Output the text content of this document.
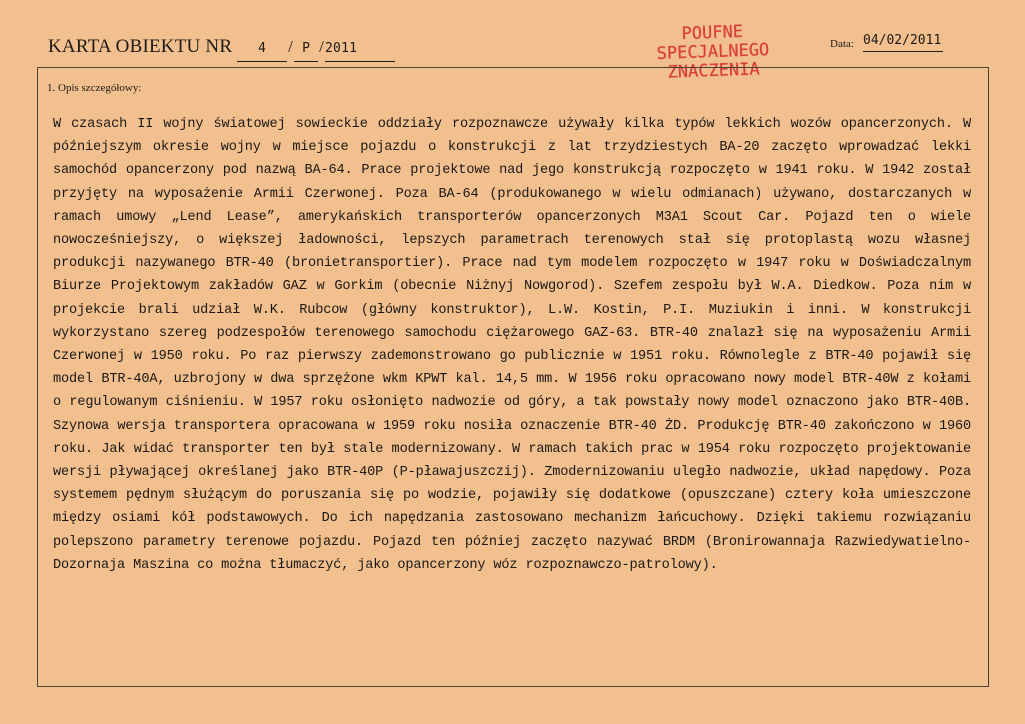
KARTA OBIEKTU NR 4 / P /2011
POUFNE
SPECJALNEGO
ZNACZENIA
Data: 04/02/2011
1. Opis szczegółowy:
W czasach II wojny światowej sowieckie oddziały rozpoznawcze używały kilka typów lekkich wozów opancerzonych. W późniejszym okresie wojny w miejsce pojazdu o konstrukcji z lat trzydziestych BA-20 zaczęto wprowadzać lekki samochód opancerzony pod nazwą BA-64. Prace projektowe nad jego konstrukcją rozpoczęto w 1941 roku. W 1942 został przyjęty na wyposażenie Armii Czerwonej. Poza BA-64 (produkowanego w wielu odmianach) używano, dostarczanych w ramach umowy „Lend Lease”, amerykańskich transporterów opancerzonych M3A1 Scout Car. Pojazd ten o wiele nowocześniejszy, o większej ładowności, lepszych parametrach terenowych stał się protoplastą wozu własnej produkcji nazywanego BTR-40 (bronietransportier). Prace nad tym modelem rozpoczęto w 1947 roku w Doświadczalnym Biurze Projektowym zakładów GAZ w Gorkim (obecnie Niżnyj Nowgorod). Szefem zespołu był W.A. Diedkow. Poza nim w projekcie brali udział W.K. Rubcow (główny konstruktor), L.W. Kostin, P.I. Muziukin i inni. W konstrukcji wykorzystano szereg podzespołów terenowego samochodu ciężarowego GAZ-63. BTR-40 znalazł się na wyposażeniu Armii Czerwonej w 1950 roku. Po raz pierwszy zademonstrowano go publicznie w 1951 roku. Równolegle z BTR-40 pojawił się model BTR-40A, uzbrojony w dwa sprzężone wkm KPWT kal. 14,5 mm. W 1956 roku opracowano nowy model BTR-40W z kołami o regulowanym ciśnieniu. W 1957 roku osłonięto nadwozie od góry, a tak powstały nowy model oznaczono jako BTR-40B. Szynowa wersja transportera opracowana w 1959 roku nosiła oznaczenie BTR-40 ŻD. Produkcję BTR-40 zakończono w 1960 roku. Jak widać transporter ten był stale modernizowany. W ramach takich prac w 1954 roku rozpoczęto projektowanie wersji pływającej określanej jako BTR-40P (P-pławajuszczij). Zmodernizowaniu uległo nadwozie, układ napędowy. Poza systemem pędnym służącym do poruszania się po wodzie, pojawiły się dodatkowe (opuszczane) cztery koła umieszczone między osiami kół podstawowych. Do ich napędzania zastosowano mechanizm łańcuchowy. Dzięki takiemu rozwiązaniu polepszono parametry terenowe pojazdu. Pojazd ten później zaczęto nazywać BRDM (Bronirowannaja Razwiedywatielno-Dozornaja Maszina co można tłumaczyć, jako opancerzony wóz rozpoznawczo-patrolowy).
